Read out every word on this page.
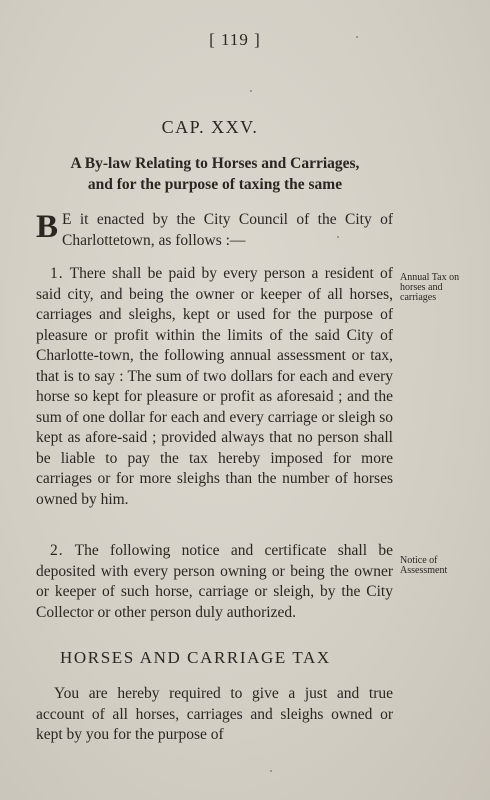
[ 119 ]
CAP. XXV.
A By-law Relating to Horses and Carriages,
and for the purpose of taxing the same
B E it enacted by the City Council of the City of Charlottetown, as follows :—
1. There shall be paid by every person a resident of said city, and being the owner or keeper of all horses, carriages and sleighs, kept or used for the purpose of pleasure or profit within the limits of the said City of Charlotte-town, the following annual assessment or tax, that is to say : The sum of two dollars for each and every horse so kept for pleasure or profit as aforesaid ; and the sum of one dollar for each and every carriage or sleigh so kept as afore-said ; provided always that no person shall be liable to pay the tax hereby imposed for more carriages or for more sleighs than the number of horses owned by him.
Annual Tax on horses and carriages
2. The following notice and certificate shall be deposited with every person owning or being the owner or keeper of such horse, carriage or sleigh, by the City Collector or other person duly authorized.
Notice of Assessment
HORSES AND CARRIAGE TAX
You are hereby required to give a just and true account of all horses, carriages and sleighs owned or kept by you for the purpose of
